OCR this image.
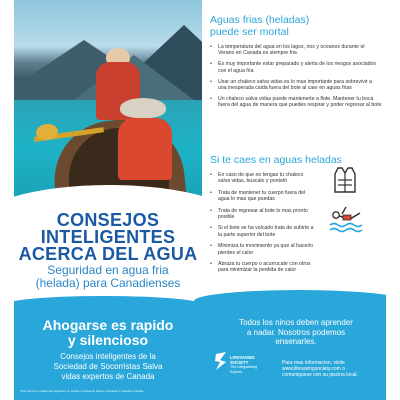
CONSEJOS
INTELIGENTES
ACERCA DEL AGUA
Seguridad en agua fria
(helada) para Canadienses
Aguas frias (heladas)
puede ser mortal
• La temperatura del agua en los lagos, rios y oceanos durante el Verano en Canada es siempre fria
• Es muy importante estar preparado y alerta de los riesgos asociados con el agua fria
• Usar un chaleco salva vidas es lo mas importante para sobrevivir a una inesperada caida fuera del bote al caer en aguas frias
• Un chaleco salva vidas puede mantenerte a flote. Mantener tu boca fuera del agua de manera que puedes respirar y poder regresar al bote
Si te caes en aguas heladas
• En caso de que no tengas tu chaleco salva vidas, buscalo y ponteló
• Trata de mantener tu cuerpo fuera del agua lo mas que puedas
• Trata de regresar al bote lo mas pronto posible
• Si el bote se ha volcado trata de subirte a la parte superior del bote
• Minimiza tu movimiento ya que al hacerlo pierdes el calor
• Abraza tu cuerpo o acurrucate con otros para minimizar la perdida de calor
Ahogarse es rapido
y silencioso
Consejos inteligentes de la
Sociedad de Socorristas Salva
vidas expertos de Canada
Todos los ninos deben aprender
a nadar. Nosotros podemos
ensenarles.
LIFESAVING SOCIETY
The Lifeguarding Experts
Para mas informacion, visite
www.lifesavingsociety.com o
comuniquese con su piscina local.
*Ron Smart is a trademark registered on behalf of Lifesaving Society (Canada) in Canada's Canada
